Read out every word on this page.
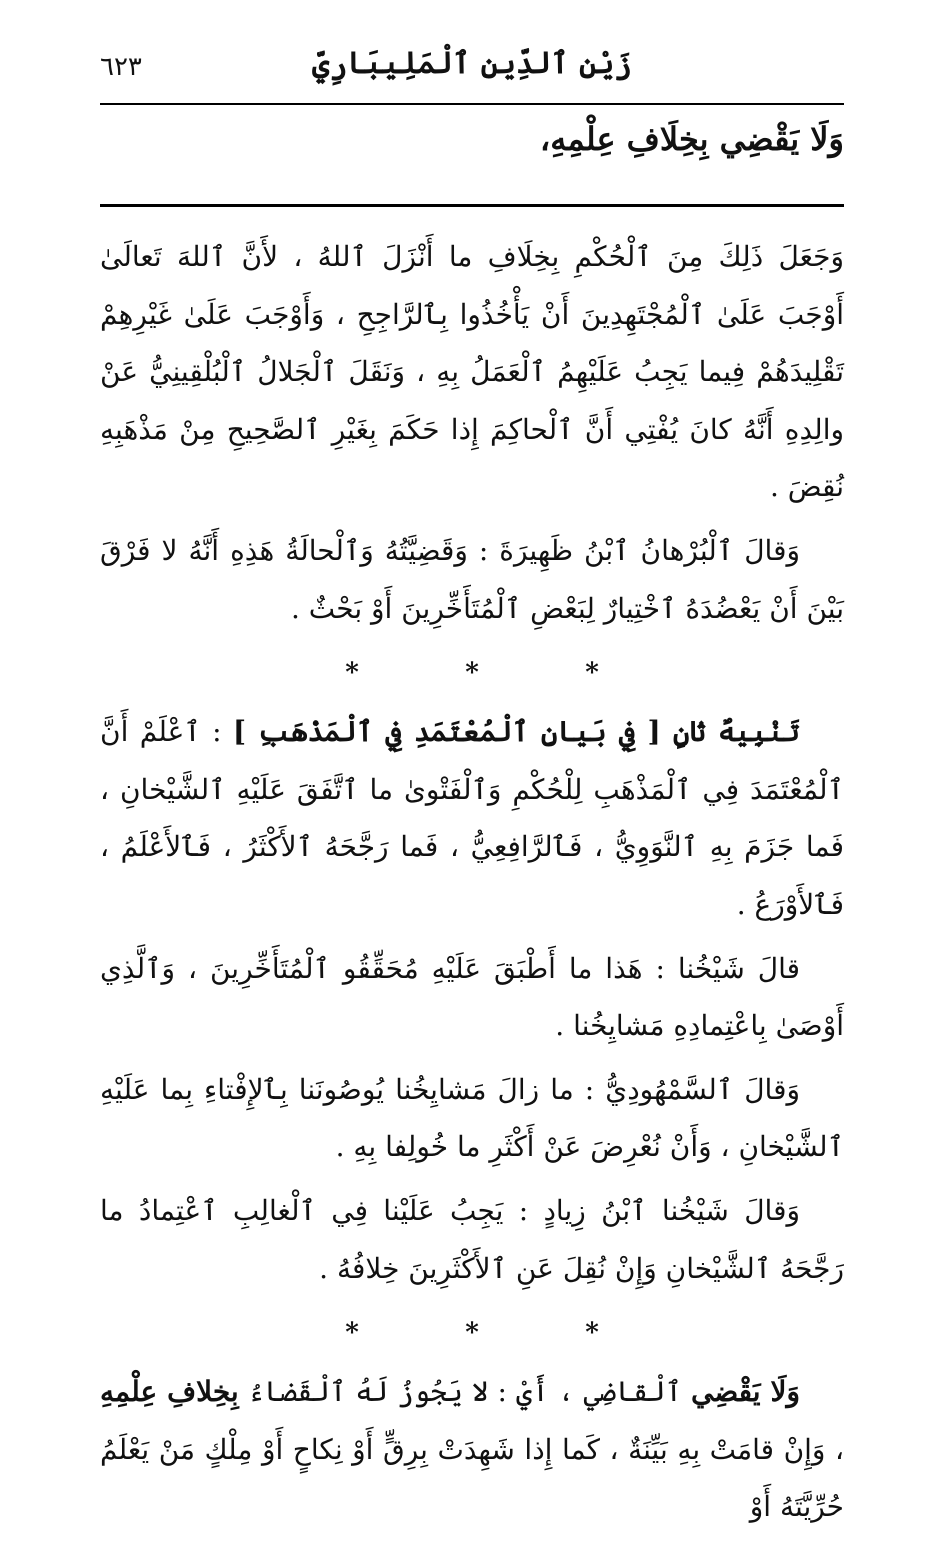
زَيْن ٱلدِّين ٱلْمَلِيبَارِيّ
٦٢٣
وَلَا يَقْضِي بِخِلَافِ عِلْمِهِ،

وَجَعَلَ ذَلِكَ مِنَ ٱلْحُكْمِ بِخِلَافِ ما أَنْزَلَ ٱللهُ ، لأَنَّ ٱللهَ تَعالَىٰ أَوْجَبَ عَلَىٰ ٱلْمُجْتَهِدِينَ أَنْ يَأْخُذُوا بِٱلرَّاجِحِ ، وَأَوْجَبَ عَلَىٰ غَيْرِهِمْ تَقْلِيدَهُمْ فِيما يَجِبُ عَلَيْهِمُ ٱلْعَمَلُ بِهِ ، وَنَقَلَ ٱلْجَلالُ ٱلْبُلْقِينِيُّ عَنْ والِدِهِ أَنَّهُ كانَ يُفْتِي أَنَّ ٱلْحاكِمَ إِذا حَكَمَ بِغَيْرِ ٱلصَّحِيحِ مِنْ مَذْهَبِهِ نُقِضَ .

وَقالَ ٱلْبُرْهانُ ٱبْنُ ظَهِيرَةَ : وَقَضِيَّتُهُ وَٱلْحالَةُ هَذِهِ أَنَّهُ لا فَرْقَ بَيْنَ أَنْ يَعْضُدَهُ ٱخْتِيارٌ لِبَعْضِ ٱلْمُتَأَخِّرِينَ أَوْ بَحْثٌ .

*	*	*

تَنْبِيهٌ ثانٍ [ فِي بَيانِ ٱلْمُعْتَمَدِ فِي ٱلْمَذْهَبِ ] : ٱعْلَمْ أَنَّ ٱلْمُعْتَمَدَ فِي ٱلْمَذْهَبِ لِلْحُكْمِ وَٱلْفَتْوىٰ ما ٱتَّفَقَ عَلَيْهِ ٱلشَّيْخانِ ، فَما جَزَمَ بِهِ ٱلنَّوَوِيُّ ، فَٱلرَّافِعِيُّ ، فَما رَجَّحَهُ ٱلأَكْثَرُ ، فَٱلأَعْلَمُ ، فَٱلأَوْرَعُ .

قالَ شَيْخُنا : هَذا ما أَطْبَقَ عَلَيْهِ مُحَقِّقُو ٱلْمُتَأَخِّرِينَ ، وَٱلَّذِي أَوْصَىٰ بِاعْتِمادِهِ مَشايِخُنا .

وَقالَ ٱلسَّمْهُودِيُّ : ما زالَ مَشايِخُنا يُوصُونَنا بِٱلإِفْتاءِ بِما عَلَيْهِ ٱلشَّيْخانِ ، وَأَنْ نُعْرِضَ عَنْ أَكْثَرِ ما خُولِفا بِهِ .

وَقالَ شَيْخُنا ٱبْنُ زِيادٍ : يَجِبُ عَلَيْنا فِي ٱلْغالِبِ ٱعْتِمادُ ما رَجَّحَهُ ٱلشَّيْخانِ وَإِنْ نُقِلَ عَنِ ٱلأَكْثَرِينَ خِلافُهُ .

*	*	*

وَلَا يَقْضِي ٱلْقاضِي ، أَيْ : لا يَجُوزُ لَهُ ٱلْقَضاءُ بِخِلافِ عِلْمِهِ ، وَإِنْ قامَتْ بِهِ بَيِّنَةٌ ، كَما إِذا شَهِدَتْ بِرِقٍّ أَوْ نِكاحٍ أَوْ مِلْكٍ مَنْ يَعْلَمُ حُرِّيَّتَهُ أَوْ
